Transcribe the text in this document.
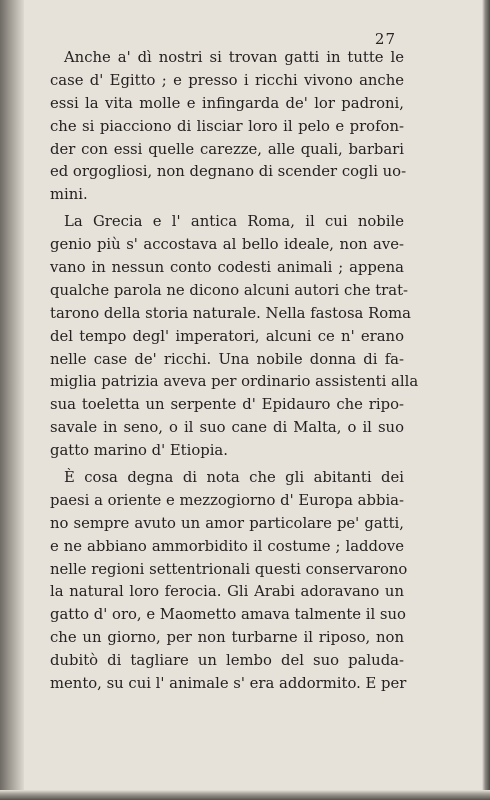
27
Anche a' dì nostri si trovan gatti in tutte le
case d' Egitto ; e presso i ricchi vivono anche
essi la vita molle e infingarda de' lor padroni,
che si piacciono di lisciar loro il pelo e profon-
der con essi quelle carezze, alle quali, barbari
ed orgogliosi, non degnano di scender cogli uo-
mini.
La Grecia e l' antica Roma, il cui nobile
genio più s' accostava al bello ideale, non ave-
vano in nessun conto codesti animali ; appena
qualche parola ne dicono alcuni autori che trat-
tarono della storia naturale. Nella fastosa Roma
del tempo degl' imperatori, alcuni ce n' erano
nelle case de' ricchi. Una nobile donna di fa-
miglia patrizia aveva per ordinario assistenti alla
sua toeletta un serpente d' Epidauro che ripo-
savale in seno, o il suo cane di Malta, o il suo
gatto marino d' Etiopia.
È cosa degna di nota che gli abitanti dei
paesi a oriente e mezzogiorno d' Europa abbia-
no sempre avuto un amor particolare pe' gatti,
e ne abbiano ammorbidito il costume ; laddove
nelle regioni settentrionali questi conservarono
la natural loro ferocia. Gli Arabi adoravano un
gatto d' oro, e Maometto amava talmente il suo
che un giorno, per non turbarne il riposo, non
dubitò di tagliare un lembo del suo paluda-
mento, su cui l' animale s' era addormito. E per
